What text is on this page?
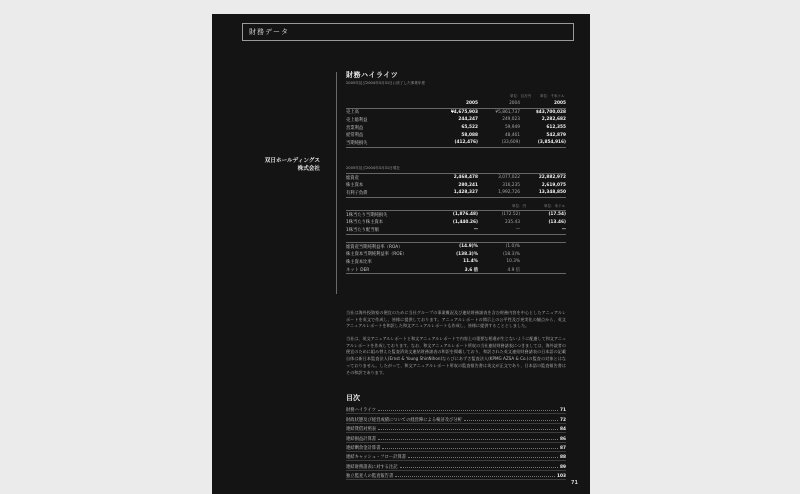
財務データ
双日ホールディングス
株式会社
財務ハイライツ
2005年及び2004年3月31日に終了した事業年度
単位：百万円	単位：千米ドル
	2005	2004	2005
売上高	¥4,675,903	¥5,861,737	$43,700,028
売上総利益	244,247	249,023	2,282,682
営業利益	65,522	59,949	612,355
経常利益	58,088	48,461	542,879
当期純損失	(412,476)	(33,609)	(3,854,916)
2005年及び2004年3月31日現在
総資産	2,468,478	3,077,022	22,882,972
株主資本	280,241	316,235	2,619,075
有利子負債	1,428,327	1,992,726	13,348,850
単位：円	単位：米ドル
1株当たり当期純損失	(1,876.48)	(172.52)	(17.54)
1株当たり株主資本	(1,440.26)	235.43	(13.46)
1株当たり配当額	—	—	—
総資産当期純利益率（ROA）	(14.9)%	(1.0)%	
株主資本当期純利益率（ROE）	(138.3)%	(18.3)%	
株主資本比率	11.4%	10.3%	
ネット DER	3.6 倍	4.9 倍	
当社は海外投資家の便宜のために当社グループの事業概況及び連結財務諸表を含む財務内容を中心としたアニュアルレポートを英文で作成し、皆様に提供しております。アニュアルレポートの開示上の公平性及び充実化の観点から、英文アニュアルレポートを和訳した和文アニュアルレポートも作成し、皆様に提供することとしました。
当社は、英文アニュアルレポートと和文アニュアルレポートで内容上の重要な相違が生じないように配慮して和文アニュアルレポートを作成しております。なお、和文アニュアルレポート所収の当社連結財務諸表につきましては、海外読者の便宜のために組み替えた監査済英文連結財務諸表の和訳を掲載しており、和訳された英文連結財務諸表の日本語の記載自体は新日本監査法人(Ernst & Young ShinNihon)ならびにあずさ監査法人(KPMG AZSA & Co.)の監査の対象とはなっておりません。したがって、和文アニュアルレポート所収の監査報告書は英文が正文であり、日本語の監査報告書はその和訳であります。
目次
財務ハイライツ	71
財政状態及び経営成績についての経営陣による検討及び分析	72
連結貸借対照表	84
連結損益計算書	86
連結剰余金計算書	87
連結キャッシュ・フロー計算書	88
連結財務諸表に対する注記	89
独立監査人の監査報告書	103
71
